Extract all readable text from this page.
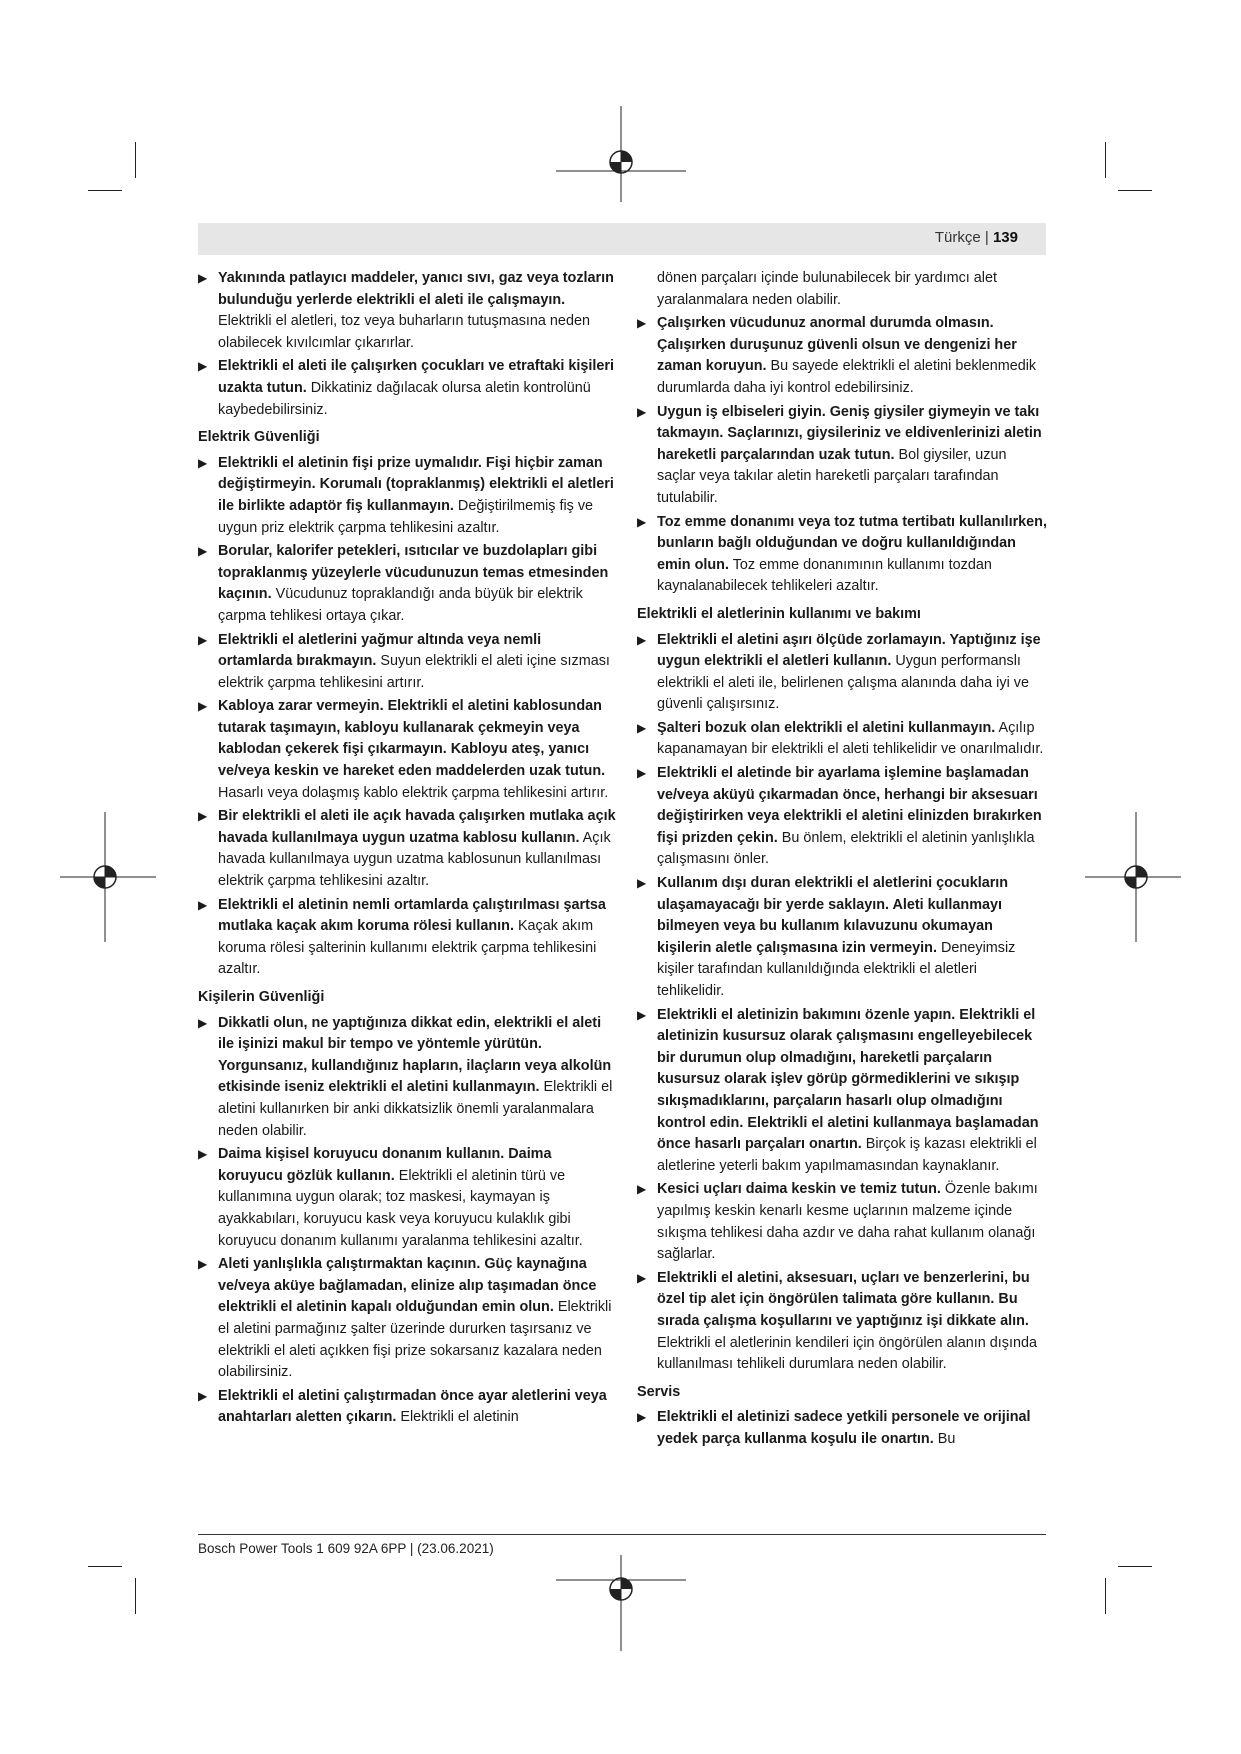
Türkçe | 139
▶ Yakınında patlayıcı maddeler, yanıcı sıvı, gaz veya tozların bulunduğu yerlerde elektrikli el aleti ile çalışmayın. Elektrikli el aletleri, toz veya buharların tutuşmasına neden olabilecek kıvılcımlar çıkarırlar.
▶ Elektrikli el aleti ile çalışırken çocukları ve etraftaki kişileri uzakta tutun. Dikkatiniz dağılacak olursa aletin kontrolünü kaybedebilirsiniz.
Elektrik Güvenliği
▶ Elektrikli el aletinin fişi prize uymalıdır. Fişi hiçbir zaman değiştirmeyin. Korumalı (topraklanmış) elektrikli el aletleri ile birlikte adaptör fiş kullanmayın. Değiştirilmemiş fiş ve uygun priz elektrik çarpma tehlikesini azaltır.
▶ Borular, kalorifer petekleri, ısıtıcılar ve buzdolapları gibi topraklanmış yüzeylerle vücudunuzun temas etmesinden kaçının. Vücudunuz topraklandığı anda büyük bir elektrik çarpma tehlikesi ortaya çıkar.
▶ Elektrikli el aletlerini yağmur altında veya nemli ortamlarda bırakmayın. Suyun elektrikli el aleti içine sızması elektrik çarpma tehlikesini artırır.
▶ Kabloya zarar vermeyin. Elektrikli el aletini kablosundan tutarak taşımayın, kabloyu kullanarak çekmeyin veya kablodan çekerek fişi çıkarmayın. Kabloyu ateş, yanıcı ve/veya keskin ve hareket eden maddelerden uzak tutun. Hasarlı veya dolaşmış kablo elektrik çarpma tehlikesini artırır.
▶ Bir elektrikli el aleti ile açık havada çalışırken mutlaka açık havada kullanılmaya uygun uzatma kablosu kullanın. Açık havada kullanılmaya uygun uzatma kablosunun kullanılması elektrik çarpma tehlikesini azaltır.
▶ Elektrikli el aletinin nemli ortamlarda çalıştırılması şartsa mutlaka kaçak akım koruma rölesi kullanın. Kaçak akım koruma rölesi şalterinin kullanımı elektrik çarpma tehlikesini azaltır.
Kişilerin Güvenliği
▶ Dikkatli olun, ne yaptığınıza dikkat edin, elektrikli el aleti ile işinizi makul bir tempo ve yöntemle yürütün. Yorgunsanız, kullandığınız hapların, ilaçların veya alkolün etkisinde iseniz elektrikli el aletini kullanmayın. Elektrikli el aletini kullanırken bir anki dikkatsizlik önemli yaralanmalara neden olabilir.
▶ Daima kişisel koruyucu donanım kullanın. Daima koruyucu gözlük kullanın. Elektrikli el aletinin türü ve kullanımına uygun olarak; toz maskesi, kaymayan iş ayakkabıları, koruyucu kask veya koruyucu kulaklık gibi koruyucu donanım kullanımı yaralanma tehlikesini azaltır.
▶ Aleti yanlışlıkla çalıştırmaktan kaçının. Güç kaynağına ve/veya aküye bağlamadan, elinize alıp taşımadan önce elektrikli el aletinin kapalı olduğundan emin olun. Elektrikli el aletini parmağınız şalter üzerinde dururken taşırsanız ve elektrikli el aleti açıkken fişi prize sokarsanız kazalara neden olabilirsiniz.
▶ Elektrikli el aletini çalıştırmadan önce ayar aletlerini veya anahtarları aletten çıkarın. Elektrikli el aletinin
dönen parçaları içinde bulunabilecek bir yardımcı alet yaralanmalara neden olabilir.
▶ Çalışırken vücudunuz anormal durumda olmasın. Çalışırken duruşunuz güvenli olsun ve dengenizi her zaman koruyun. Bu sayede elektrikli el aletini beklenmedik durumlarda daha iyi kontrol edebilirsiniz.
▶ Uygun iş elbiseleri giyin. Geniş giysiler giymeyin ve takı takmayın. Saçlarınızı, giysileriniz ve eldivenlerinizi aletin hareketli parçalarından uzak tutun. Bol giysiler, uzun saçlar veya takılar aletin hareketli parçaları tarafından tutulabilir.
▶ Toz emme donanımı veya toz tutma tertibatı kullanılırken, bunların bağlı olduğundan ve doğru kullanıldığından emin olun. Toz emme donanımının kullanımı tozdan kaynalanabilecek tehlikeleri azaltır.
Elektrikli el aletlerinin kullanımı ve bakımı
▶ Elektrikli el aletini aşırı ölçüde zorlamayın. Yaptığınız işe uygun elektrikli el aletleri kullanın. Uygun performanslı elektrikli el aleti ile, belirlenen çalışma alanında daha iyi ve güvenli çalışırsınız.
▶ Şalteri bozuk olan elektrikli el aletini kullanmayın. Açılıp kapanamayan bir elektrikli el aleti tehlikelidir ve onarılmalıdır.
▶ Elektrikli el aletinde bir ayarlama işlemine başlamadan ve/veya aküyü çıkarmadan önce, herhangi bir aksesuarı değiştirirken veya elektrikli el aletini elinizden bırakırken fişi prizden çekin. Bu önlem, elektrikli el aletinin yanlışlıkla çalışmasını önler.
▶ Kullanım dışı duran elektrikli el aletlerini çocukların ulaşamayacağı bir yerde saklayın. Aleti kullanmayı bilmeyen veya bu kullanım kılavuzunu okumayan kişilerin aletle çalışmasına izin vermeyin. Deneyimsiz kişiler tarafından kullanıldığında elektrikli el aletleri tehlikelidir.
▶ Elektrikli el aletinizin bakımını özenle yapın. Elektrikli el aletinizin kusursuz olarak çalışmasını engelleyebilecek bir durumun olup olmadığını, hareketli parçaların kusursuz olarak işlev görüp görmediklerini ve sıkışıp sıkışmadıklarını, parçaların hasarlı olup olmadığını kontrol edin. Elektrikli el aletini kullanmaya başlamadan önce hasarlı parçaları onartın. Birçok iş kazası elektrikli el aletlerine yeterli bakım yapılmamasından kaynaklanır.
▶ Kesici uçları daima keskin ve temiz tutun. Özenle bakımı yapılmış keskin kenarlı kesme uçlarının malzeme içinde sıkışma tehlikesi daha azdır ve daha rahat kullanım olanağı sağlarlar.
▶ Elektrikli el aletini, aksesuarı, uçları ve benzerlerini, bu özel tip alet için öngörülen talimata göre kullanın. Bu sırada çalışma koşullarını ve yaptığınız işi dikkate alın. Elektrikli el aletlerinin kendileri için öngörülen alanın dışında kullanılması tehlikeli durumlara neden olabilir.
Servis
▶ Elektrikli el aletinizi sadece yetkili personele ve orijinal yedek parça kullanma koşulu ile onartın. Bu
Bosch Power Tools 1 609 92A 6PP | (23.06.2021)
